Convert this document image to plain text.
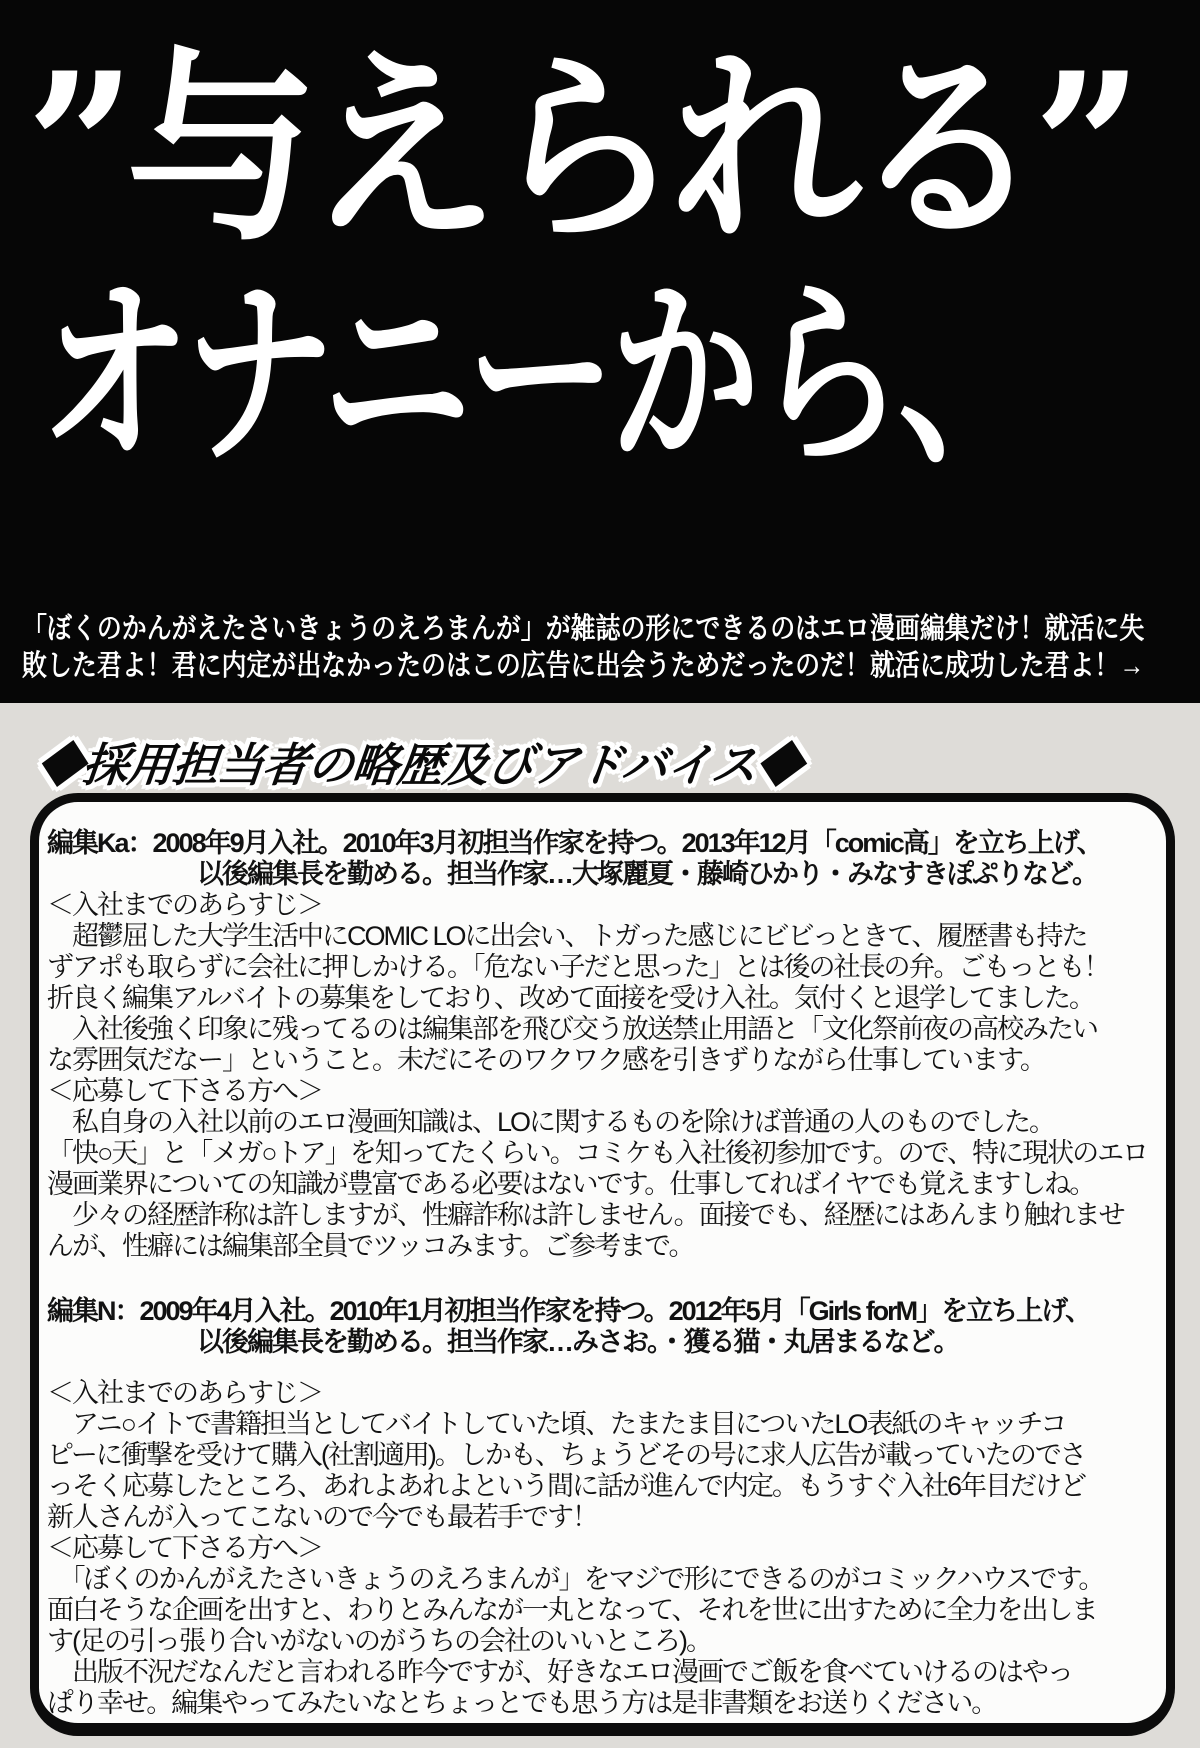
”与えられる”
オナニーから、
「ぼくのかんがえたさいきょうのえろまんが」が雑誌の形にできるのはエロ漫画編集だけ！就活に失
敗した君よ！君に内定が出なかったのはこの広告に出会うためだったのだ！就活に成功した君よ！→
◆採用担当者の略歴及びアドバイス◆
編集Ka：2008年9月入社。2010年3月初担当作家を持つ。2013年12月「comic高」を立ち上げ、
以後編集長を勤める。担当作家…大塚麗夏・藤崎ひかり・みなすきぽぷりなど。
＜入社までのあらすじ＞
　超鬱屈した大学生活中にCOMIC LOに出会い、トガった感じにビビっときて、履歴書も持た
ずアポも取らずに会社に押しかける。「危ない子だと思った」とは後の社長の弁。ごもっとも！
折良く編集アルバイトの募集をしており、改めて面接を受け入社。気付くと退学してました。
　入社後強く印象に残ってるのは編集部を飛び交う放送禁止用語と「文化祭前夜の高校みたい
な雰囲気だなー」ということ。未だにそのワクワク感を引きずりながら仕事しています。
＜応募して下さる方へ＞
　私自身の入社以前のエロ漫画知識は、LOに関するものを除けば普通の人のものでした。
「快○天」と「メガ○トア」を知ってたくらい。コミケも入社後初参加です。ので、特に現状のエロ
漫画業界についての知識が豊富である必要はないです。仕事してればイヤでも覚えますしね。
　少々の経歴詐称は許しますが、性癖詐称は許しません。面接でも、経歴にはあんまり触れませ
んが、性癖には編集部全員でツッコみます。ご参考まで。
編集N：2009年4月入社。2010年1月初担当作家を持つ。2012年5月「Girls forM」を立ち上げ、
以後編集長を勤める。担当作家…みさお。・獲る猫・丸居まるなど。
＜入社までのあらすじ＞
　アニ○イトで書籍担当としてバイトしていた頃、たまたま目についたLO表紙のキャッチコ
ピーに衝撃を受けて購入(社割適用)。しかも、ちょうどその号に求人広告が載っていたのでさ
っそく応募したところ、あれよあれよという間に話が進んで内定。もうすぐ入社6年目だけど
新人さんが入ってこないので今でも最若手です！
＜応募して下さる方へ＞
　「ぼくのかんがえたさいきょうのえろまんが」をマジで形にできるのがコミックハウスです。
面白そうな企画を出すと、わりとみんなが一丸となって、それを世に出すために全力を出しま
す(足の引っ張り合いがないのがうちの会社のいいところ)。
　出版不況だなんだと言われる昨今ですが、好きなエロ漫画でご飯を食べていけるのはやっ
ぱり幸せ。編集やってみたいなとちょっとでも思う方は是非書類をお送りください。
